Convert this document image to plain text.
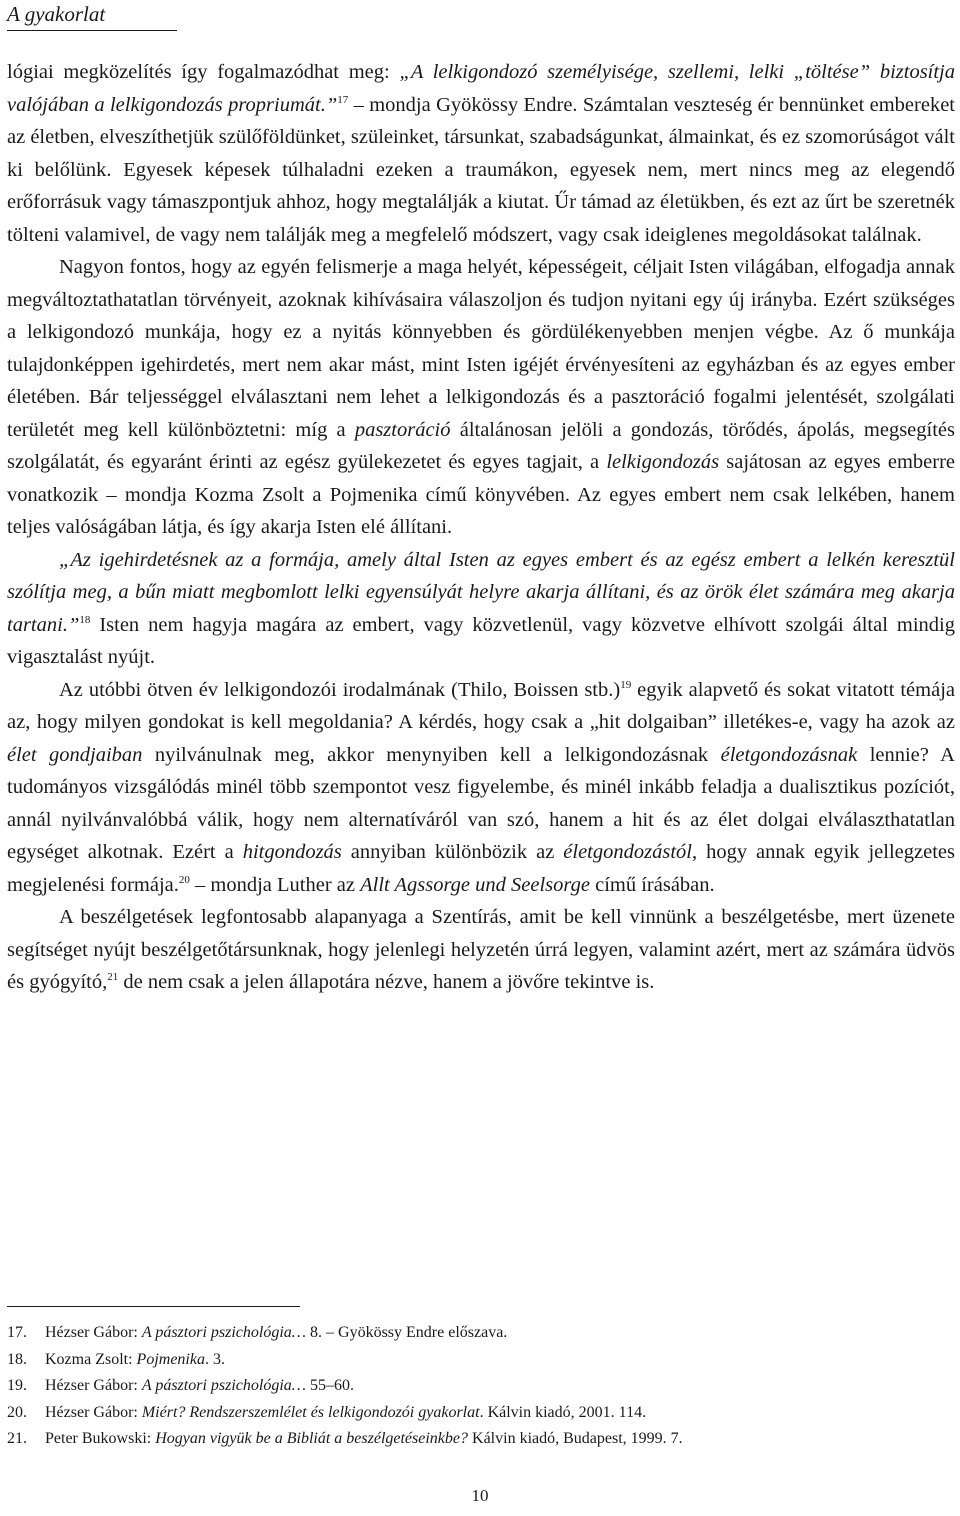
A gyakorlat

lógiai megközelítés így fogalmazódhat meg: „A lelkigondozó személyisége, szellemi, lelki „töltése” biztosítja valójában a lelkigondozás propriumát.”$^{17}$ – mondja Gyökössy Endre. Számtalan veszteség ér bennünket embereket az életben, elveszíthetjük szülőföldünket, szüleinket, társunkat, szabadságunkat, álmainkat, és ez szomorúságot vált ki belőlünk. Egyesek képesek túlhaladni ezeken a traumákon, egyesek nem, mert nincs meg az elegendő erőforrásuk vagy támaszpontjuk ahhoz, hogy megtalálják a kiutat. Űr támad az életükben, és ezt az űrt be szeretnék tölteni valamivel, de vagy nem találják meg a megfelelő módszert, vagy csak ideiglenes megoldásokat találnak.

Nagyon fontos, hogy az egyén felismerje a maga helyét, képességeit, céljait Isten világában, elfogadja annak megváltoztathatatlan törvényeit, azoknak kihívásaira válaszoljon és tudjon nyitani egy új irányba. Ezért szükséges a lelkigondozó munkája, hogy ez a nyitás könnyebben és gördülékenyebben menjen végbe. Az ő munkája tulajdonképpen igehirdetés, mert nem akar mást, mint Isten igéjét érvényesíteni az egyházban és az egyes ember életében. Bár teljességgel elválasztani nem lehet a lelkigondozás és a pasztoráció fogalmi jelentését, szolgálati területét meg kell különböztetni: míg a pasztoráció általánosan jelöli a gondozás, törődés, ápolás, megsegítés szolgálatát, és egyaránt érinti az egész gyülekezetet és egyes tagjait, a lelkigondozás sajátosan az egyes emberre vonatkozik – mondja Kozma Zsolt a Pojmenika című könyvében. Az egyes embert nem csak lelkében, hanem teljes valóságában látja, és így akarja Isten elé állítani.

„Az igehirdetésnek az a formája, amely által Isten az egyes embert és az egész embert a lelkén keresztül szólítja meg, a bűn miatt megbomlott lelki egyensúlyát helyre akarja állítani, és az örök élet számára meg akarja tartani.”$^{18}$ Isten nem hagyja magára az embert, vagy közvetlenül, vagy közvetve elhívott szolgái által mindig vigasztalást nyújt.

Az utóbbi ötven év lelkigondozói irodalmának (Thilo, Boissen stb.)$^{19}$ egyik alapvető és sokat vitatott témája az, hogy milyen gondokat is kell megoldania? A kérdés, hogy csak a „hit dolgaiban” illetékes-e, vagy ha azok az élet gondjaiban nyilvánulnak meg, akkor menynyiben kell a lelkigondozásnak életgondozásnak lennie? A tudományos vizsgálódás minél több szempontot vesz figyelembe, és minél inkább feladja a dualisztikus pozíciót, annál nyilvánvalóbbá válik, hogy nem alternatíváról van szó, hanem a hit és az élet dolgai elválaszthatatlan egységet alkotnak. Ezért a hitgondozás annyiban különbözik az életgondozástól, hogy annak egyik jellegzetes megjelenési formája.$^{20}$ – mondja Luther az Allt Agssorge und Seelsorge című írásában.

A beszélgetések legfontosabb alapanyaga a Szentírás, amit be kell vinnünk a beszélgetésbe, mert üzenete segítséget nyújt beszélgetőtársunknak, hogy jelenlegi helyzetén úrrá legyen, valamint azért, mert az számára üdvös és gyógyító,$^{21}$ de nem csak a jelen állapotára nézve, hanem a jövőre tekintve is.

17.	Hézser Gábor: A pásztori pszichológia… 8. – Gyökössy Endre előszava.
18.	Kozma Zsolt: Pojmenika. 3.
19.	Hézser Gábor: A pásztori pszichológia… 55–60.
20.	Hézser Gábor: Miért? Rendszerszemlélet és lelkigondozói gyakorlat. Kálvin kiadó, 2001. 114.
21.	Peter Bukowski: Hogyan vigyük be a Bibliát a beszélgetéseinkbe? Kálvin kiadó, Budapest, 1999. 7.
10
